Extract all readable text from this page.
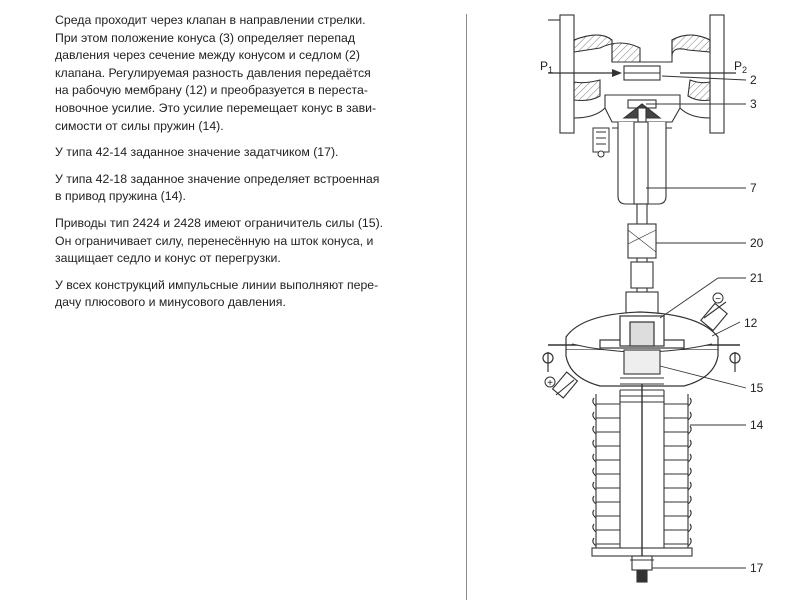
Среда проходит через клапан в направлении стрелки.
При этом положение конуса (3) определяет перепад
давления через сечение между конусом и седлом (2)
клапана. Регулируемая разность давления передаётся
на рабочую мембрану (12) и преобразуется в переста-
новочное усилие. Это усилие перемещает конус в зави-
симости от силы пружин (14).

У типа 42-14 заданное значение задатчиком (17).

У типа 42-18 заданное значение определяет встроенная
в привод пружина (14).

Приводы тип 2424 и 2428 имеют ограничитель силы (15).
Он ограничивает силу, перенесённую на шток конуса, и
защищает седло и конус от перегрузки.

У всех конструкций импульсные линии выполняют пере-
дачу плюсового и минусового давления.	−
+
$P_1$	$P_2$
2
3
7
20
21
12
15
14
17
